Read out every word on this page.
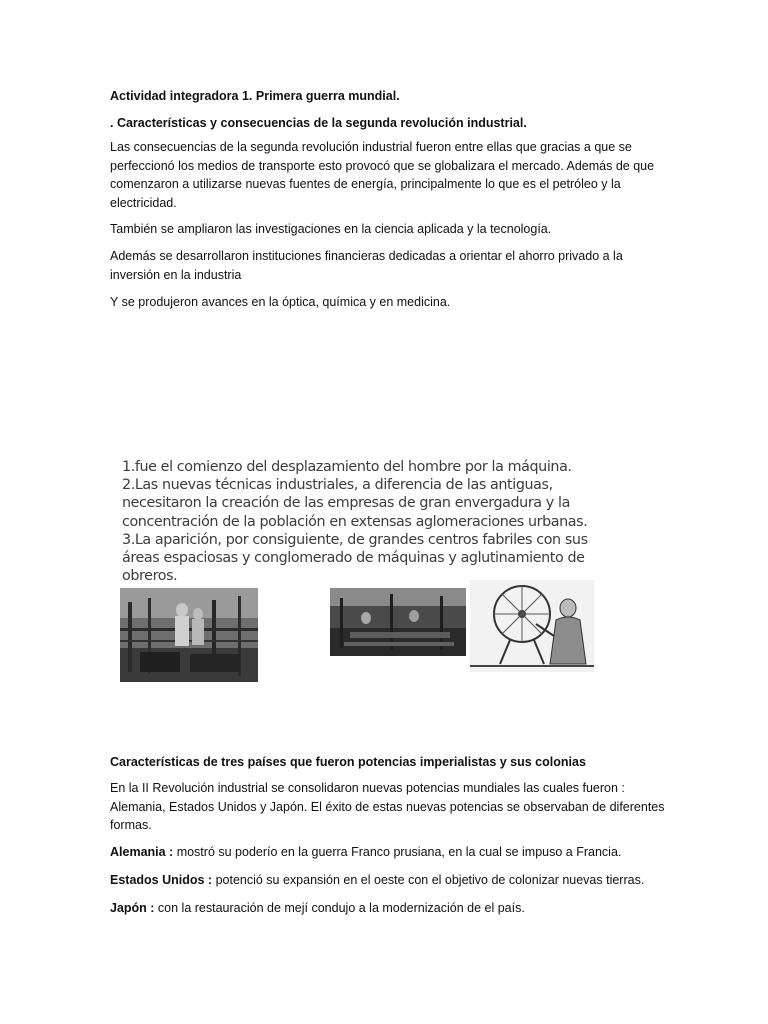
Actividad integradora 1. Primera guerra mundial.
. Características y consecuencias de la segunda revolución industrial.
Las consecuencias de la segunda revolución industrial fueron entre ellas que gracias a que se perfeccionó los medios de transporte esto provocó que se globalizara el mercado. Además de que comenzaron a utilizarse nuevas fuentes de energía, principalmente lo que es el petróleo y la electricidad.
También se ampliaron las investigaciones en la ciencia aplicada y la tecnología.
Además se desarrollaron instituciones financieras dedicadas a orientar el ahorro privado a la inversión en la industria
Y se produjeron avances en la óptica, química y en medicina.
1.fue el comienzo del desplazamiento del hombre por la máquina.
2.Las nuevas técnicas industriales, a diferencia de las antiguas,
necesitaron la creación de las empresas de gran envergadura y la
concentración de la población en extensas aglomeraciones urbanas.
3.La aparición, por consiguiente, de grandes centros fabriles con sus
áreas espaciosas y conglomerado de máquinas y aglutinamiento de
obreros.
Características de tres países que fueron potencias imperialistas y sus colonias
En la II Revolución industrial se consolidaron nuevas potencias mundiales las cuales fueron : Alemania, Estados Unidos y Japón. El éxito de estas nuevas potencias se observaban de diferentes formas.
Alemania : mostró su poderío en la guerra Franco prusiana, en la cual se impuso a Francia.
Estados Unidos : potenció su expansión en el oeste con el objetivo de colonizar nuevas tierras.
Japón : con la restauración de mejí condujo a la modernización de el país.
